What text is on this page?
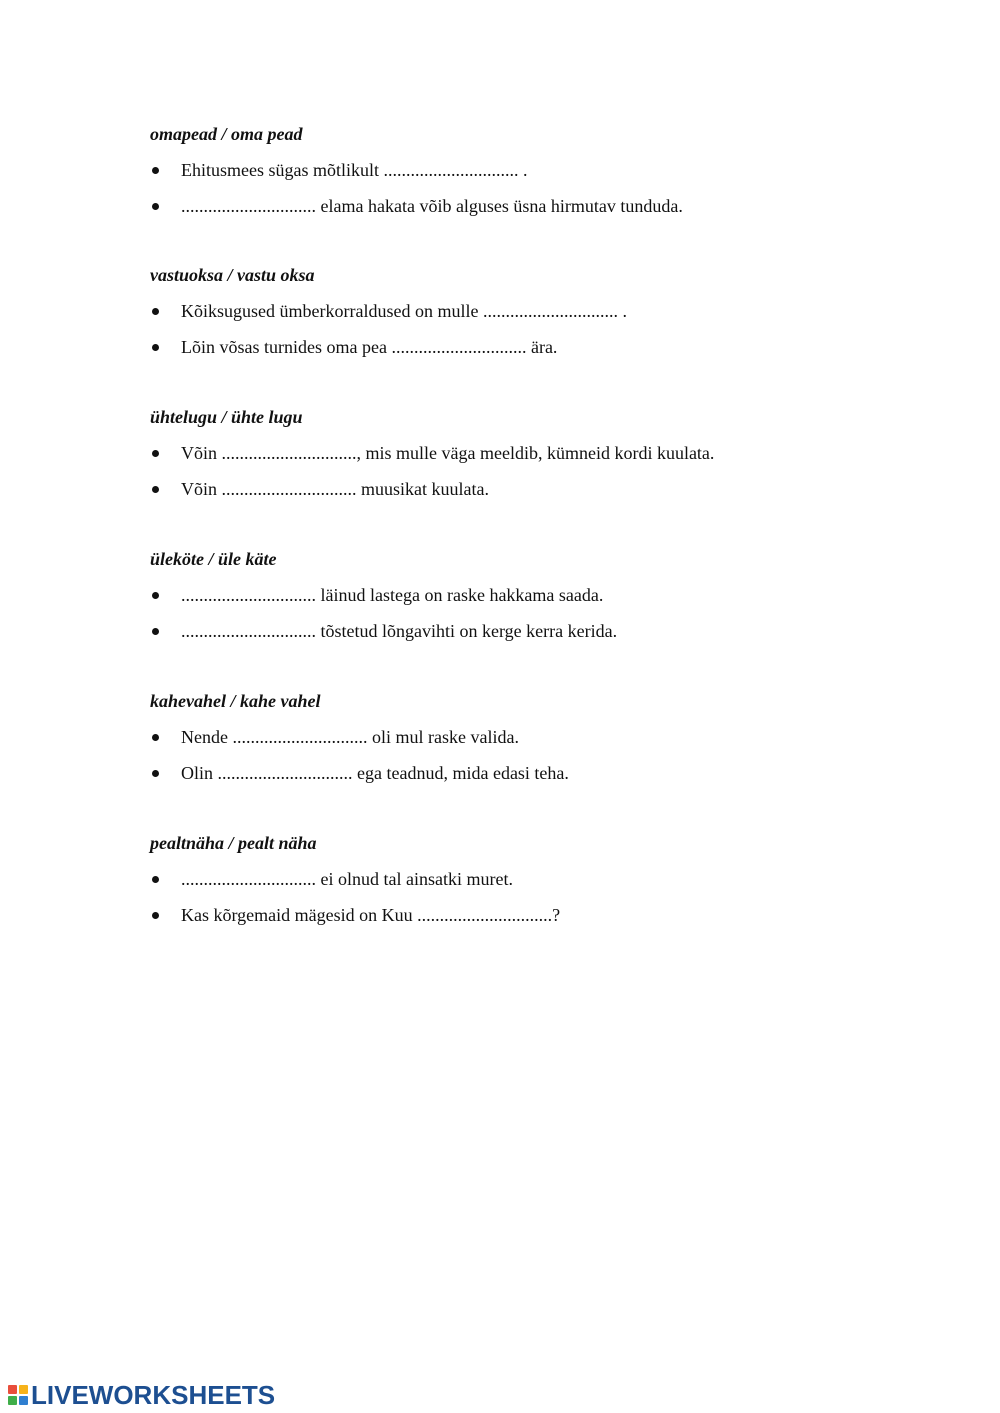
omapead / oma pead

Ehitusmees sügas mõtlikult .............................. .
.............................. elama hakata võib alguses üsna hirmutav tunduda.

vastuoksa / vastu oksa

Kõiksugused ümberkorraldused on mulle .............................. .
Lõin võsas turnides oma pea .............................. ära.

ühtelugu / ühte lugu

Võin .............................., mis mulle väga meeldib, kümneid kordi kuulata.
Võin .............................. muusikat kuulata.

üleköte / üle käte

.............................. läinud lastega on raske hakkama saada.
.............................. tõstetud lõngavihti on kerge kerra kerida.

kahevahel / kahe vahel

Nende .............................. oli mul raske valida.
Olin .............................. ega teadnud, mida edasi teha.

pealtnäha / pealt näha

.............................. ei olnud tal ainsatki muret.
Kas kõrgemaid mägesid on Kuu ..............................?
LIVEWORKSHEETS
